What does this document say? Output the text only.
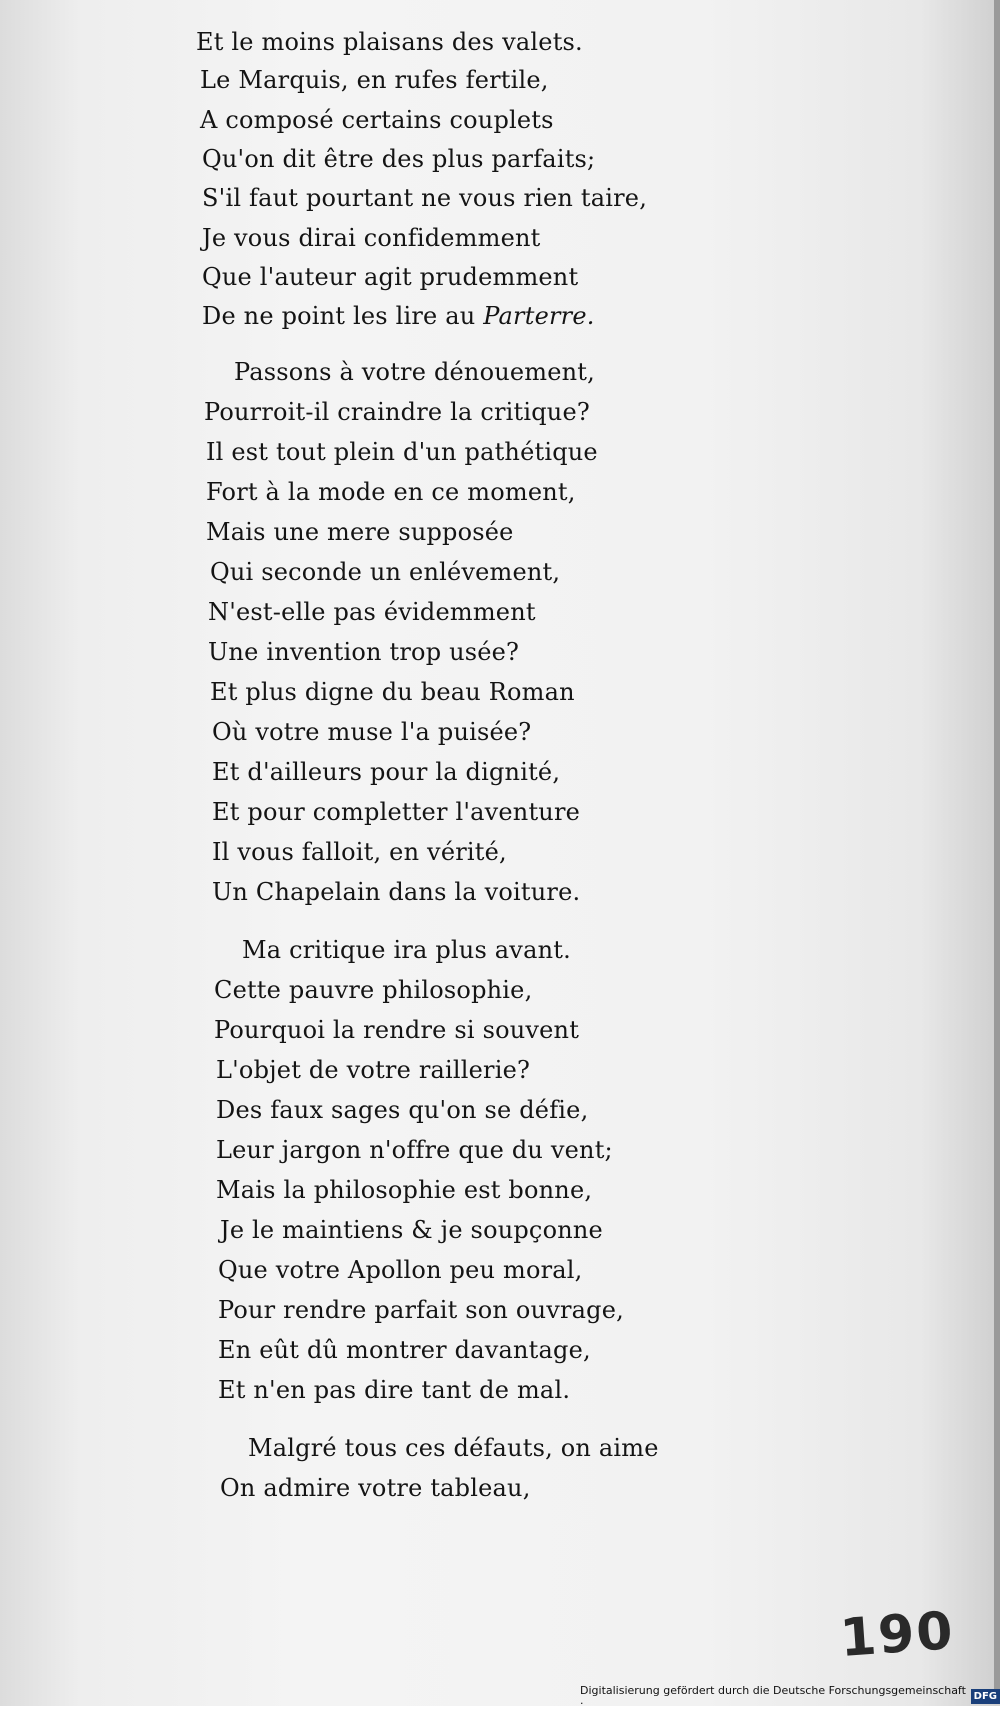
Et le moins plaisans des valets.
Le Marquis, en rufes fertile,
A composé certains couplets
Qu'on dit être des plus parfaits;
S'il faut pourtant ne vous rien taire,
Je vous dirai confidemment
Que l'auteur agit prudemment
De ne point les lire au Parterre.
Passons à votre dénouement,
Pourroit-il craindre la critique?
Il est tout plein d'un pathétique
Fort à la mode en ce moment,
Mais une mere supposée
Qui seconde un enlévement,
N'est-elle pas évidemment
Une invention trop usée?
Et plus digne du beau Roman
Où votre muse l'a puisée?
Et d'ailleurs pour la dignité,
Et pour completter l'aventure
Il vous falloit, en vérité,
Un Chapelain dans la voiture.
Ma critique ira plus avant.
Cette pauvre philosophie,
Pourquoi la rendre si souvent
L'objet de votre raillerie?
Des faux sages qu'on se défie,
Leur jargon n'offre que du vent;
Mais la philosophie est bonne,
Je le maintiens & je soupçonne
Que votre Apollon peu moral,
Pour rendre parfait son ouvrage,
En eût dû montrer davantage,
Et n'en pas dire tant de mal.
Malgré tous ces défauts, on aime
On admire votre tableau,
190
Digitalisierung gefördert durch die Deutsche Forschungsgemeinschaft ·	DFG
